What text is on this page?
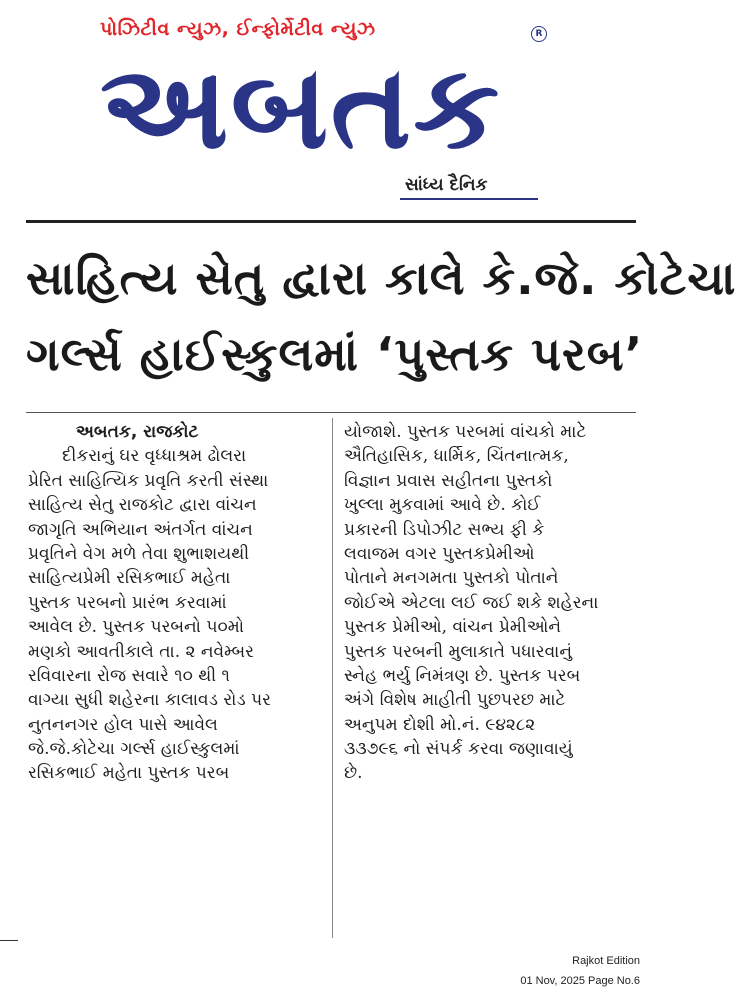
પોઝિટીવ ન્યુઝ, ઈન્ફોર્મેટીવ ન્યુઝ
અબતક
R
સાંધ્ય દૈનિક
સાહિત્ય સેતુ દ્વારા કાલે કે.જે. કોટેચા
ગર્લ્સ હાઈસ્કુલમાં ‘પુસ્તક પરબ’
અબતક, રાજકોટ
દીકરાનું ઘર વૃધ્ધાશ્રમ ઢોલરા
પ્રેરિત સાહિત્યિક પ્રવૃતિ કરતી સંસ્થા
સાહિત્ય સેતુ રાજકોટ દ્વારા વાંચન
જાગૃતિ અભિયાન અંતર્ગત વાંચન
પ્રવૃતિને વેગ મળે તેવા શુભાશયથી
સાહિત્યપ્રેમી રસિકભાઈ મહેતા
પુસ્તક પરબનો પ્રારંભ કરવામાં
આવેલ છે. પુસ્તક પરબનો ૫૦મો
મણકો આવતીકાલે તા. ૨ નવેમ્બર
રવિવારના રોજ સવારે ૧૦ થી ૧
વાગ્યા સુધી શહેરના કાલાવડ રોડ પર
નુતનનગર હોલ પાસે આવેલ
જે.જે.કોટેચા ગર્લ્સ હાઈસ્કુલમાં
રસિકભાઈ મહેતા પુસ્તક પરબ
યોજાશે. પુસ્તક પરબમાં વાંચકો માટે
ઐતિહાસિક, ધાર્મિક, ચિંતનાત્મક,
વિજ્ઞાન પ્રવાસ સહીતના પુસ્તકો
ખુલ્લા મુકવામાં આવે છે. કોઈ
પ્રકારની ડિપોઝીટ સભ્ય ફી કે
લવાજમ વગર પુસ્તકપ્રેમીઓ
પોતાને મનગમતા પુસ્તકો પોતાને
જોઈએ એટલા લઈ જઈ શકે શહેરના
પુસ્તક પ્રેમીઓ, વાંચન પ્રેમીઓને
પુસ્તક પરબની મુલાકાતે પધારવાનું
સ્નેહ ભર્યુ નિમંત્રણ છે. પુસ્તક પરબ
અંગે વિશેષ માહીતી પુછપરછ માટે
અનુપમ દોશી મો.નં. ૯૪૨૮૨
૩૩૭૯૬ નો સંપર્ક કરવા જણાવાયું
છે.
Rajkot Edition
01 Nov, 2025 Page No.6
